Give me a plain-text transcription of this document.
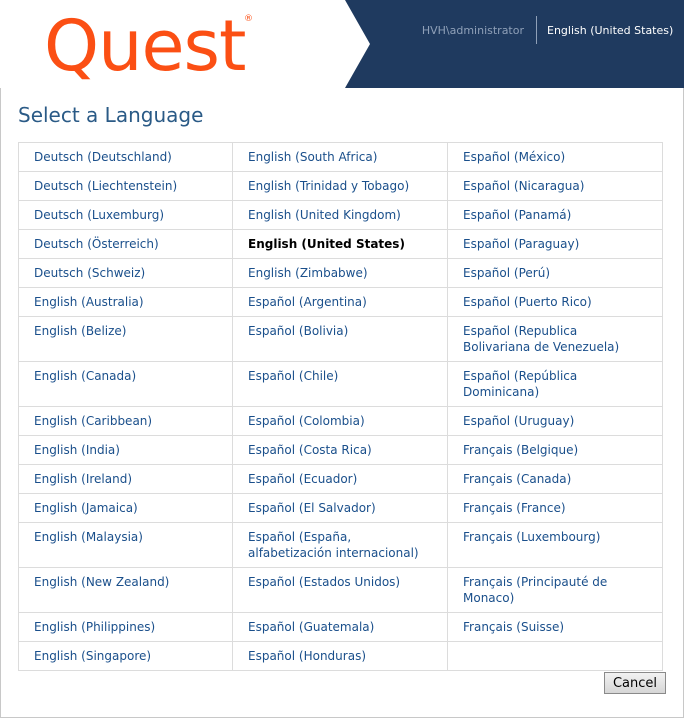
Quest
®
HVH\administrator English (United States)
Select a Language
Deutsch (Deutschland)	English (South Africa)	Español (México)
Deutsch (Liechtenstein)	English (Trinidad y Tobago)	Español (Nicaragua)
Deutsch (Luxemburg)	English (United Kingdom)	Español (Panamá)
Deutsch (Österreich)	English (United States)	Español (Paraguay)
Deutsch (Schweiz)	English (Zimbabwe)	Español (Perú)
English (Australia)	Español (Argentina)	Español (Puerto Rico)
English (Belize)	Español (Bolivia)	Español (Republica Bolivariana de Venezuela)
English (Canada)	Español (Chile)	Español (República Dominicana)
English (Caribbean)	Español (Colombia)	Español (Uruguay)
English (India)	Español (Costa Rica)	Français (Belgique)
English (Ireland)	Español (Ecuador)	Français (Canada)
English (Jamaica)	Español (El Salvador)	Français (France)
English (Malaysia)	Español (España, alfabetización internacional)	Français (Luxembourg)
English (New Zealand)	Español (Estados Unidos)	Français (Principauté de Monaco)
English (Philippines)	Español (Guatemala)	Français (Suisse)
English (Singapore)	Español (Honduras)	
Cancel
